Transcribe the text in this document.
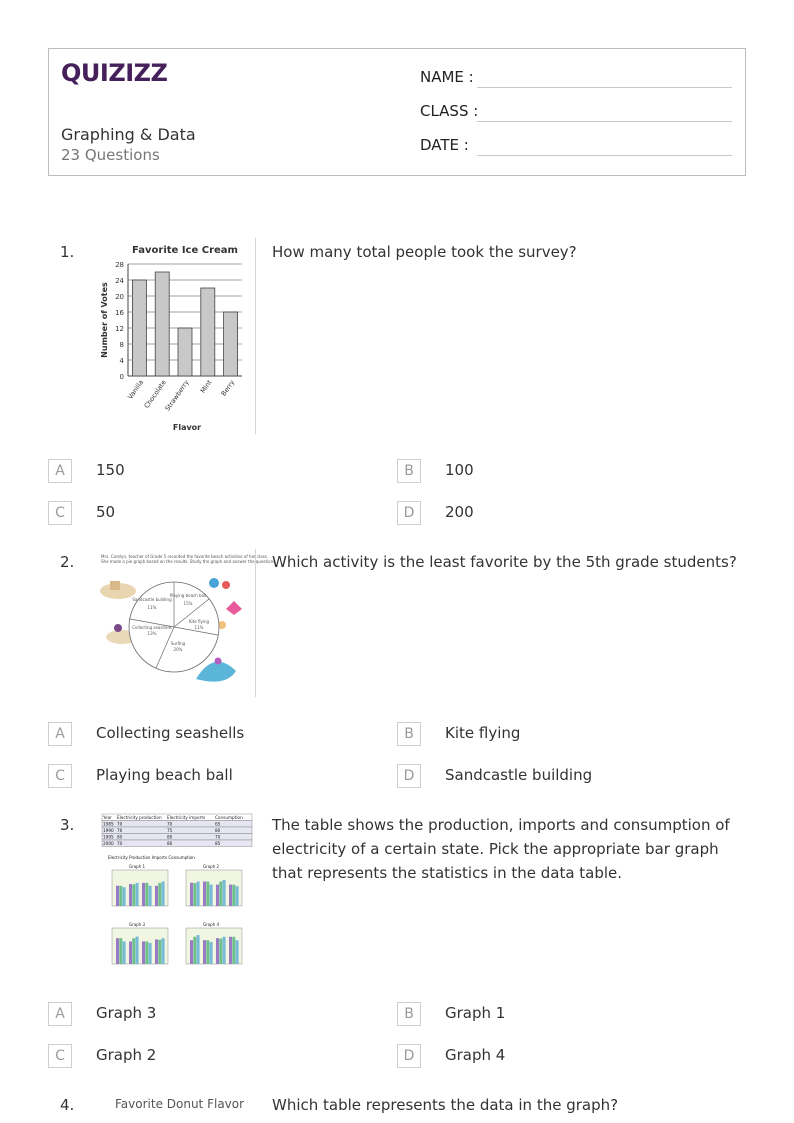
QUIZIZZ
Graphing & Data
23 Questions
NAME :
CLASS :
DATE :
1.	Favorite Ice Cream
0
4
8
12
16
20
24
28
Number of Votes
Vanilla
Chocolate
Strawberry Mint Berry
Flavor
How many total people took the survey?
A	150	B	100
C	50	D	200
2.	Mrs. Carolyn, teacher of Grade 5 recorded the favorite beach activities of her class.
She made a pie graph based on the results. Study the graph and answer the questions.
Sandcastle building
11%
Playing beach ball
15%
Kite flying
11%
Surfing
20%
Collecting seashells
13%
Which activity is the least favorite by the 5th grade students?
A	Collecting seashells	B	Kite flying
C	Playing beach ball	D	Sandcastle building
3.	Year Electricity production Electricity imports Consumption
1985 70	70	65
1990 76	75	80
1995 80	80	70
2000 70	80	85
Electricity Production Imports Consumption
Graph 1	Graph 2
Graph 3	Graph 4
The table shows the production, imports and consumption of electricity of a certain state. Pick the appropriate bar graph that represents the statistics in the data table.
A	Graph 3	B	Graph 1
C	Graph 2	D	Graph 4
4.	Favorite Donut Flavor Which table represents the data in the graph?
